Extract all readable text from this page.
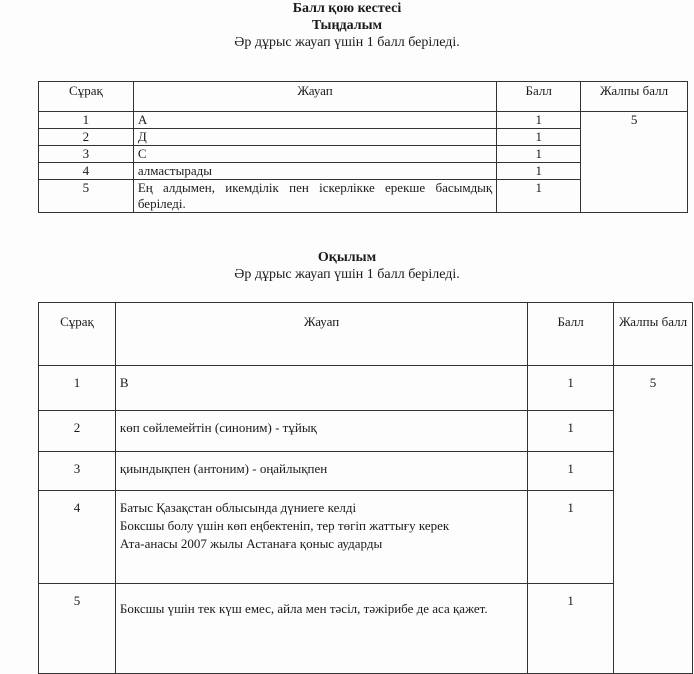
Балл қою кестесі
Тыңдалым
Әр дұрыс жауап үшін 1 балл беріледі.
Сұрақ	Жауап	Балл	Жалпы балл
1	А	1	5
2	Д	1	
3	С	1	
4	алмастырады	1	
5	Ең алдымен, икемділік пен іскерлікке ерекше басымдық беріледі.	1	
Оқылым
Әр дұрыс жауап үшін 1 балл беріледі.
Сұрақ	Жауап	Балл	Жалпы балл
1	В	1	5
2	көп сөйлемейтін (синоним) - тұйық	1	
3	қиындықпен (антоним) - оңайлықпен	1	
4	Батыс Қазақстан облысында дүниеге келді
Боксшы болу үшін көп еңбектеніп, тер төгіп жаттығу керек
Ата-анасы 2007 жылы Астанаға қоныс аударды	1	
5	Боксшы үшін тек күш емес, айла мен тәсіл, тәжірибе де аса қажет.	1	
